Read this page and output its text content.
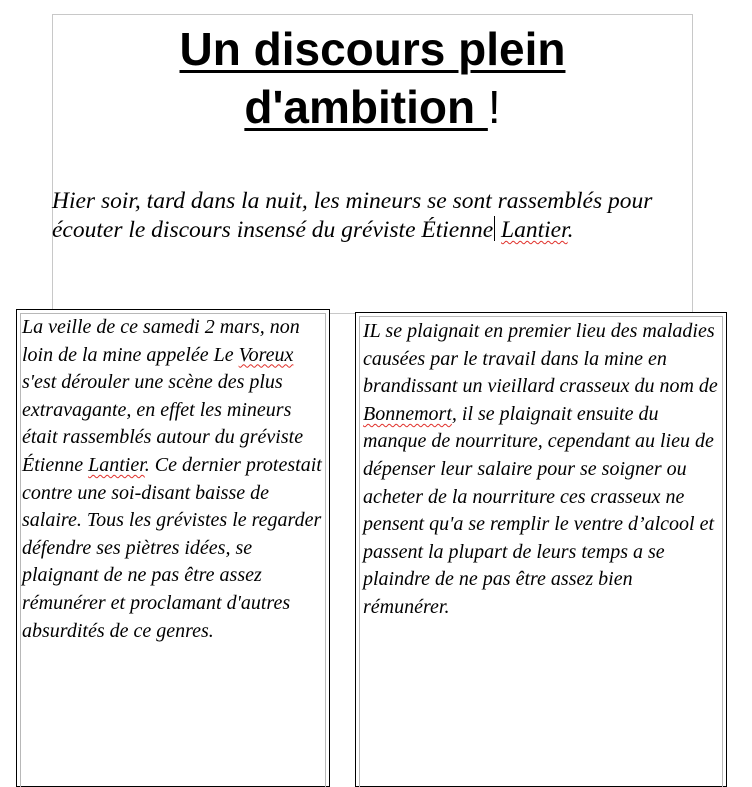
Un discours plein
d'ambition !

Hier soir, tard dans la nuit, les mineurs se sont rassemblés pour écouter le discours insensé du gréviste Étienne Lantier.

La veille de ce samedi 2 mars, non loin de la mine appelée Le Voreux s'est dérouler une scène des plus extravagante, en effet les mineurs était rassemblés autour du gréviste Étienne Lantier. Ce dernier protestait contre une soi-disant baisse de salaire. Tous les grévistes le regarder défendre ses piètres idées, se plaignant de ne pas être assez rémunérer et proclamant d'autres absurdités de ce genres.

IL se plaignait en premier lieu des maladies causées par le travail dans la mine en brandissant un vieillard crasseux du nom de Bonnemort, il se plaignait ensuite du manque de nourriture, cependant au lieu de dépenser leur salaire pour se soigner ou acheter de la nourriture ces crasseux ne pensent qu'a se remplir le ventre d’alcool et passent la plupart de leurs temps a se plaindre de ne pas être assez bien rémunérer.
